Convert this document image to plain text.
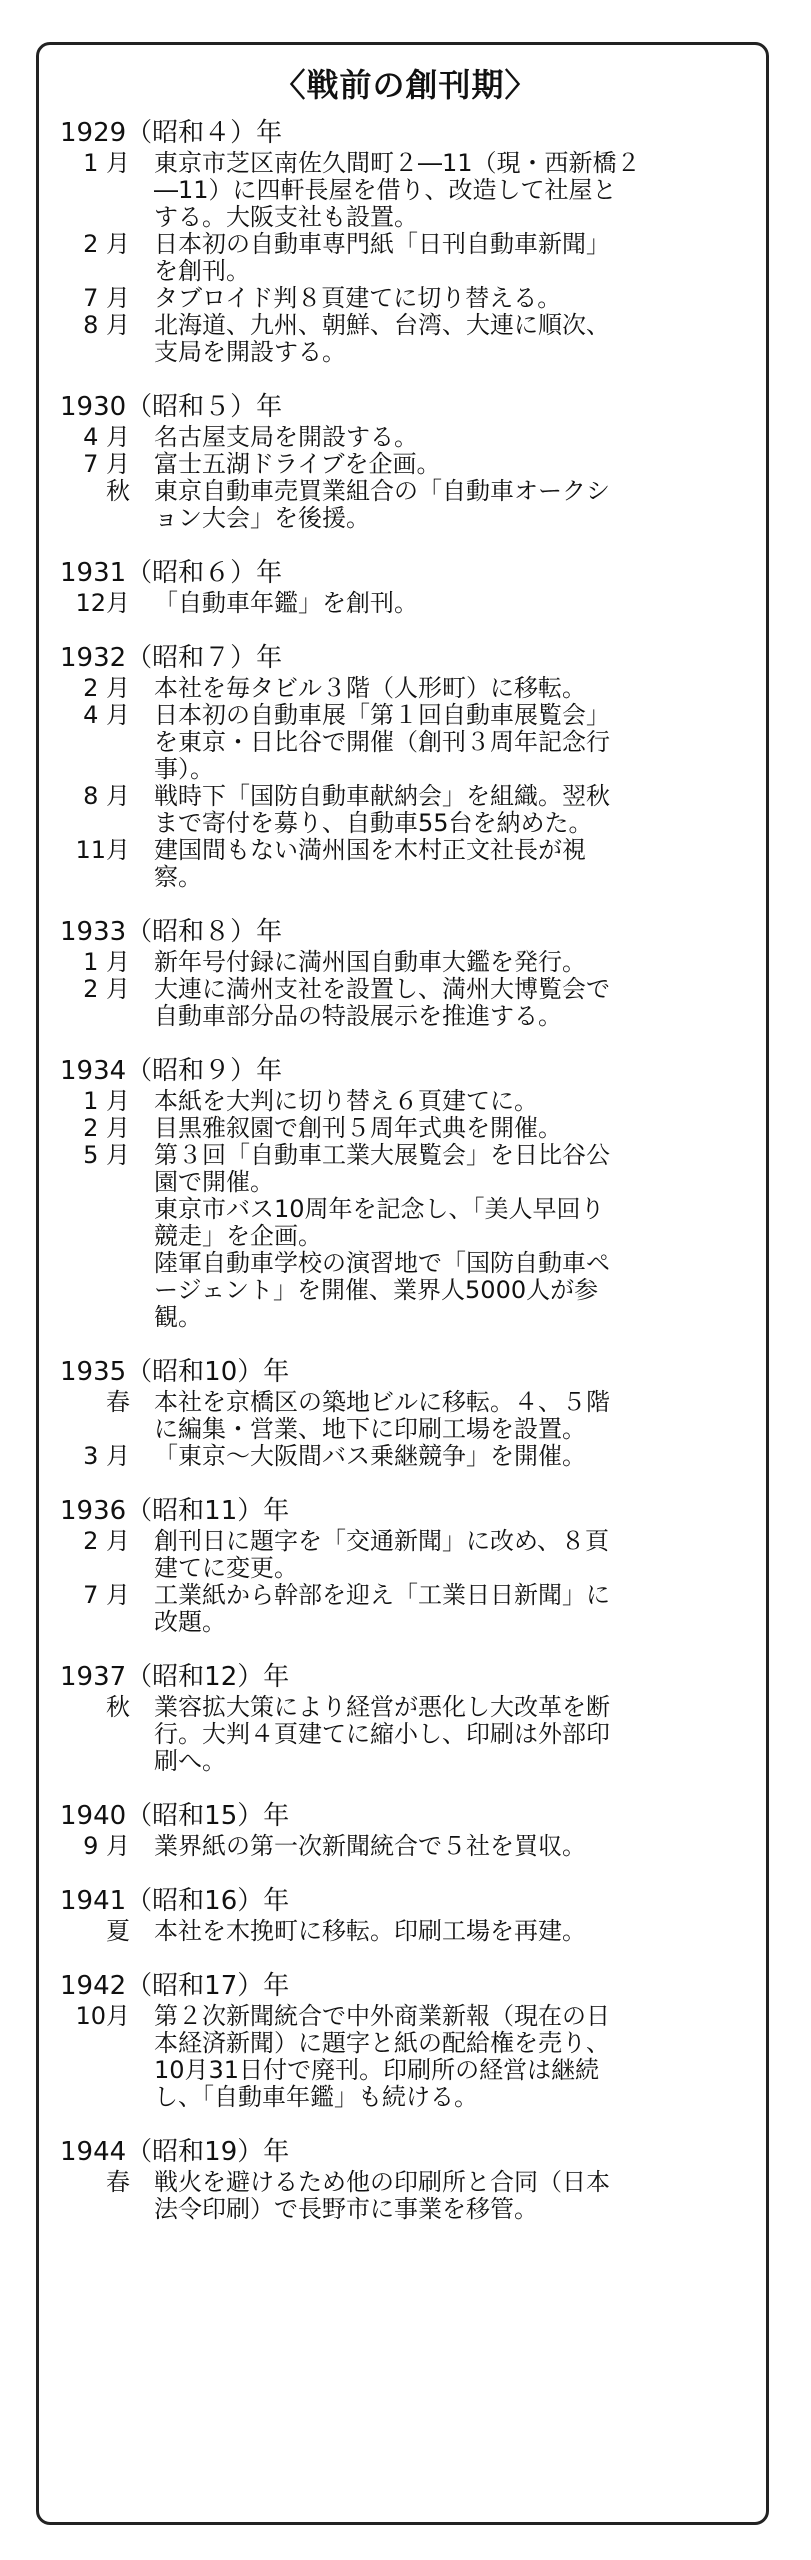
〈戦前の創刊期〉
1929（昭和４）年
1 月 東京市芝区南佐久間町２―11（現・西新橋２
―11）に四軒長屋を借り、改造して社屋と
する。大阪支社も設置。
2 月 日本初の自動車専門紙「日刊自動車新聞」
を創刊。
7 月 タブロイド判８頁建てに切り替える。
8 月 北海道、九州、朝鮮、台湾、大連に順次、
支局を開設する。
1930（昭和５）年
4 月 名古屋支局を開設する。
7 月 富士五湖ドライブを企画。
秋 東京自動車売買業組合の「自動車オークシ
ョン大会」を後援。
1931（昭和６）年
12月 「自動車年鑑」を創刊。
1932（昭和７）年
2 月 本社を毎タビル３階（人形町）に移転。
4 月 日本初の自動車展「第１回自動車展覧会」
を東京・日比谷で開催（創刊３周年記念行
事）。
8 月 戦時下「国防自動車献納会」を組織。翌秋
まで寄付を募り、自動車55台を納めた。
11月 建国間もない満州国を木村正文社長が視
察。
1933（昭和８）年
1 月 新年号付録に満州国自動車大鑑を発行。
2 月 大連に満州支社を設置し、満州大博覧会で
自動車部分品の特設展示を推進する。
1934（昭和９）年
1 月 本紙を大判に切り替え６頁建てに。
2 月 目黒雅叙園で創刊５周年式典を開催。
5 月 第３回「自動車工業大展覧会」を日比谷公
園で開催。
東京市バス10周年を記念し、「美人早回り
競走」を企画。
陸軍自動車学校の演習地で「国防自動車ペ
ージェント」を開催、業界人5000人が参
観。
1935（昭和10）年
春 本社を京橋区の築地ビルに移転。４、５階
に編集・営業、地下に印刷工場を設置。
3 月 「東京～大阪間バス乗継競争」を開催。
1936（昭和11）年
2 月 創刊日に題字を「交通新聞」に改め、８頁
建てに変更。
7 月 工業紙から幹部を迎え「工業日日新聞」に
改題。
1937（昭和12）年
秋 業容拡大策により経営が悪化し大改革を断
行。大判４頁建てに縮小し、印刷は外部印
刷へ。
1940（昭和15）年
9 月 業界紙の第一次新聞統合で５社を買収。
1941（昭和16）年
夏 本社を木挽町に移転。印刷工場を再建。
1942（昭和17）年
10月 第２次新聞統合で中外商業新報（現在の日
本経済新聞）に題字と紙の配給権を売り、
10月31日付で廃刊。印刷所の経営は継続
し、「自動車年鑑」も続ける。
1944（昭和19）年
春 戦火を避けるため他の印刷所と合同（日本
法令印刷）で長野市に事業を移管。
